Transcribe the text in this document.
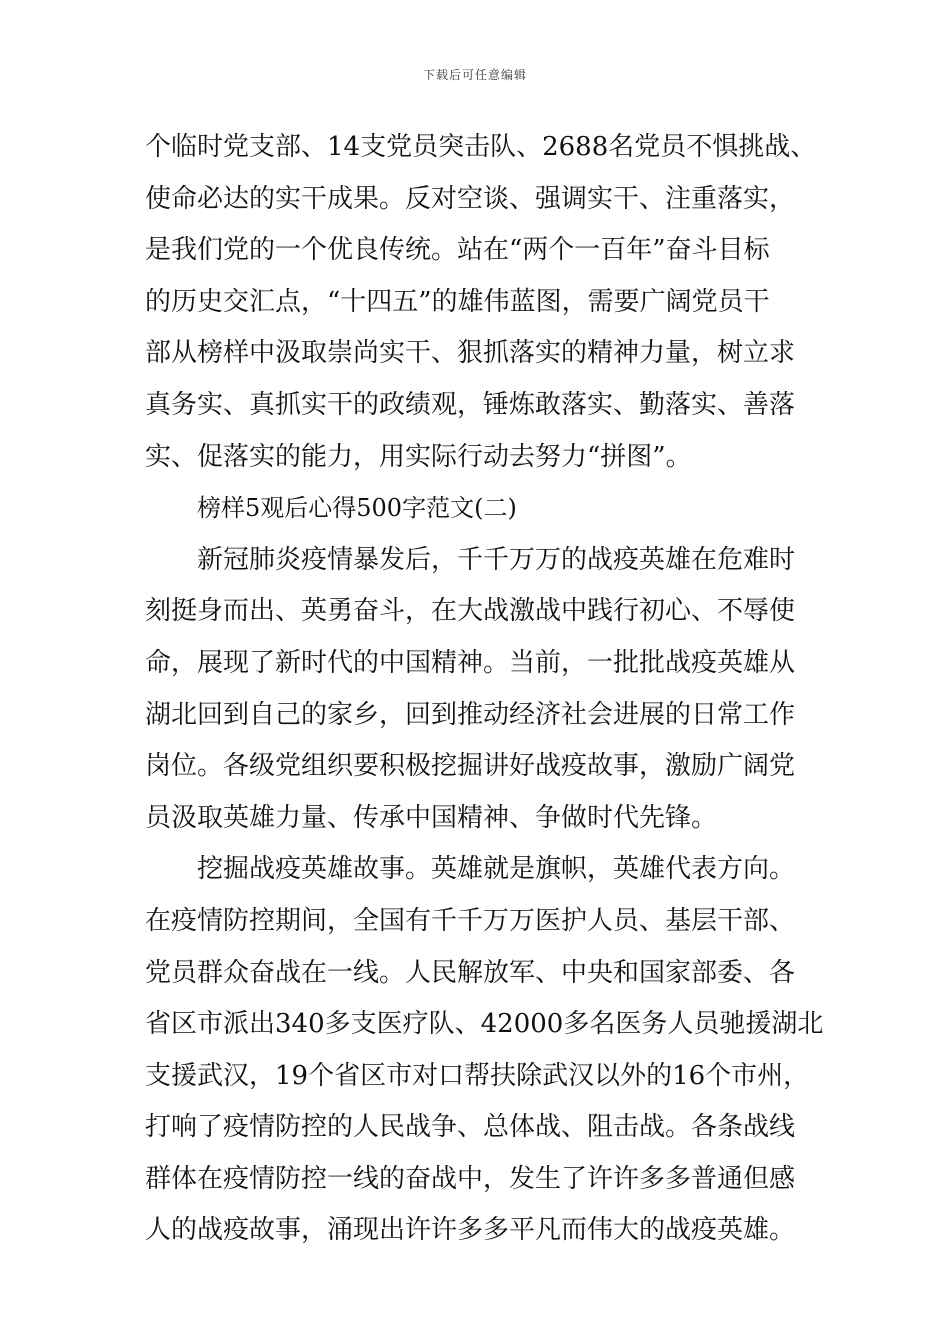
下载后可任意编辑
个临时党支部、14支党员突击队、2688名党员不惧挑战、
使命必达的实干成果。反对空谈、强调实干、注重落实，
是我们党的一个优良传统。站在“两个一百年”奋斗目标
的历史交汇点，“十四五”的雄伟蓝图，需要广阔党员干
部从榜样中汲取崇尚实干、狠抓落实的精神力量，树立求
真务实、真抓实干的政绩观，锤炼敢落实、勤落实、善落
实、促落实的能力，用实际行动去努力“拼图”。
榜样5观后心得500字范文(二)
新冠肺炎疫情暴发后，千千万万的战疫英雄在危难时
刻挺身而出、英勇奋斗，在大战激战中践行初心、不辱使
命，展现了新时代的中国精神。当前，一批批战疫英雄从
湖北回到自己的家乡，回到推动经济社会进展的日常工作
岗位。各级党组织要积极挖掘讲好战疫故事，激励广阔党
员汲取英雄力量、传承中国精神、争做时代先锋。
挖掘战疫英雄故事。英雄就是旗帜，英雄代表方向。
在疫情防控期间，全国有千千万万医护人员、基层干部、
党员群众奋战在一线。人民解放军、中央和国家部委、各
省区市派出340多支医疗队、42000多名医务人员驰援湖北
支援武汉，19个省区市对口帮扶除武汉以外的16个市州，
打响了疫情防控的人民战争、总体战、阻击战。各条战线
群体在疫情防控一线的奋战中，发生了许许多多普通但感
人的战疫故事，涌现出许许多多平凡而伟大的战疫英雄。
